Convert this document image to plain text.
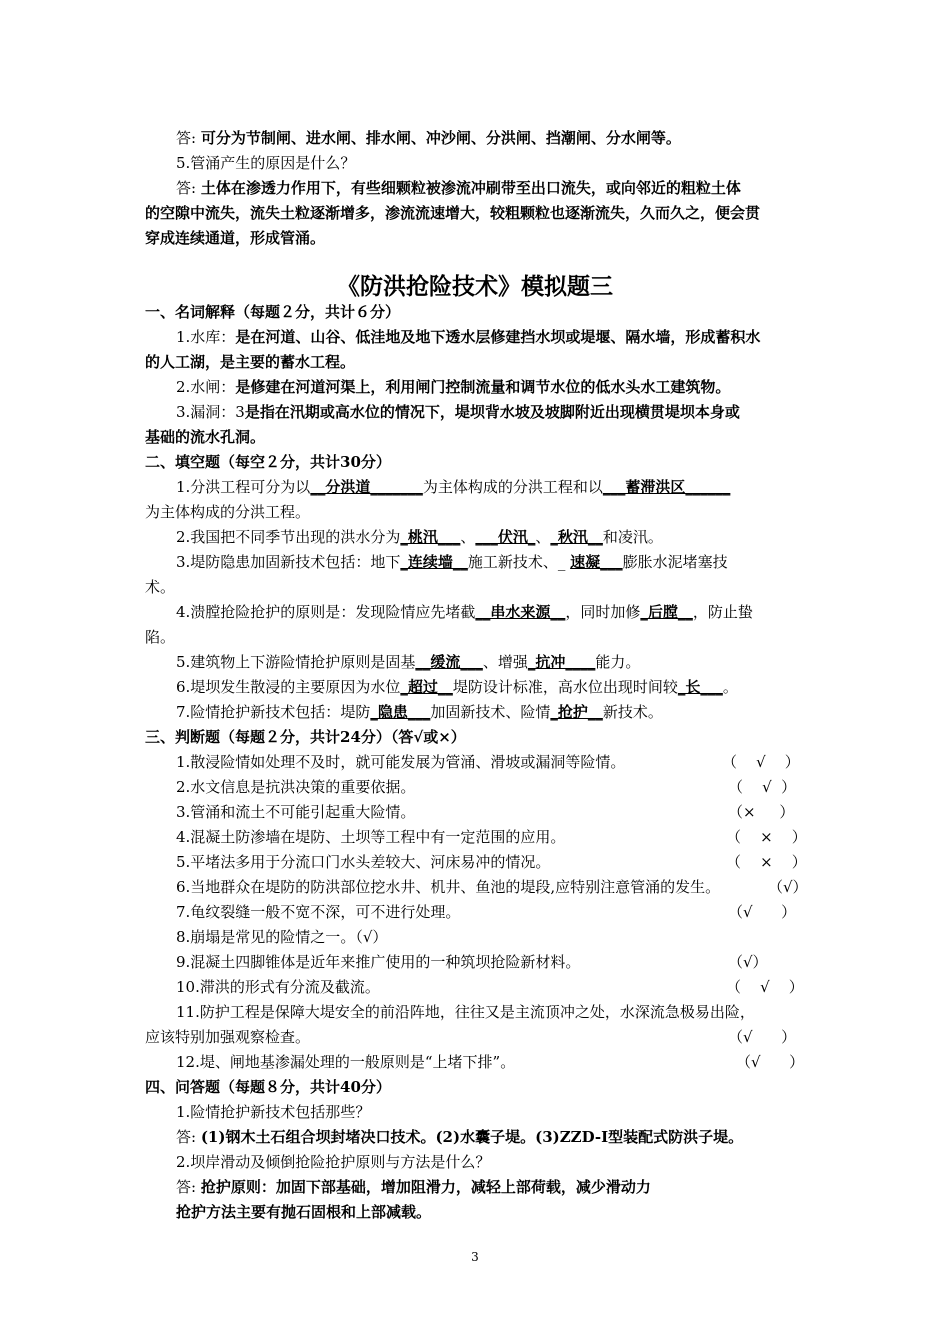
答: 可分为节制闸、进水闸、排水闸、冲沙闸、分洪闸、挡潮闸、分水闸等。
5.管涌产生的原因是什么？
答: 土体在渗透力作用下，有些细颗粒被渗流冲刷带至出口流失，或向邻近的粗粒土体
的空隙中流失，流失土粒逐渐增多，渗流流速增大，较粗颗粒也逐渐流失，久而久之，便会贯
穿成连续通道，形成管涌。
《防洪抢险技术》模拟题三
一、名词解释（每题２分，共计６分）
1.水库：是在河道、山谷、低洼地及地下透水层修建挡水坝或堤堰、隔水墙，形成蓄积水
的人工湖，是主要的蓄水工程。
2.水闸：是修建在河道河渠上，利用闸门控制流量和调节水位的低水头水工建筑物。
3.漏洞：3是指在汛期或高水位的情况下，堤坝背水坡及坡脚附近出现横贯堤坝本身或
基础的流水孔洞。
二、填空题（每空２分，共计30分）
1.分洪工程可分为以__分洪道_______为主体构成的分洪工程和以___蓄滞洪区______
为主体构成的分洪工程。
2.我国把不同季节出现的洪水分为_桃汛___、___伏汛_、_秋汛__和凌汛。
3.堤防隐患加固新技术包括：地下_连续墙__施工新技术、_ 速凝___膨胀水泥堵塞技
术。
4.溃膛抢险抢护的原则是：发现险情应先堵截__串水来源__，同时加修_后膛__，防止蛰
陷。
5.建筑物上下游险情抢护原则是固基__缓流___、增强_抗冲____能力。
6.堤坝发生散浸的主要原因为水位_超过__堤防设计标准，高水位出现时间较_长___。
7.险情抢护新技术包括：堤防_隐患___加固新技术、险情_抢护__新技术。
三、判断题（每题２分，共计24分）（答√或×）
1.散浸险情如处理不及时，就可能发展为管涌、滑坡或漏洞等险情。	（    √    ）
2.水文信息是抗洪决策的重要依据。	（    √  ）
3.管涌和流土不可能引起重大险情。	（×     ）
4.混凝土防渗墙在堤防、土坝等工程中有一定范围的应用。	（    ×    ）
5.平堵法多用于分流口门水头差较大、河床易冲的情况。	（    ×    ）
6.当地群众在堤防的防洪部位挖水井、机井、鱼池的堤段,应特别注意管涌的发生。	（√）
7.龟纹裂缝一般不宽不深，可不进行处理。	（√      ）
8.崩塌是常见的险情之一。（√）
9.混凝土四脚锥体是近年来推广使用的一种筑坝抢险新材料。	（√）
10.滞洪的形式有分流及截流。	（    √    ）
11.防护工程是保障大堤安全的前沿阵地，往往又是主流顶冲之处，水深流急极易出险，
应该特别加强观察检查。	（√      ）
12.堤、闸地基渗漏处理的一般原则是“上堵下排”。	（√      ）
四、问答题（每题８分，共计40分）
1.险情抢护新技术包括那些？
答: (1)钢木土石组合坝封堵决口技术。(2)水囊子堤。(3)ZZD-I型装配式防洪子堤。
2.坝岸滑动及倾倒抢险抢护原则与方法是什么？
答: 抢护原则：加固下部基础，增加阻滑力，减轻上部荷载，减少滑动力
抢护方法主要有抛石固根和上部减载。
3
